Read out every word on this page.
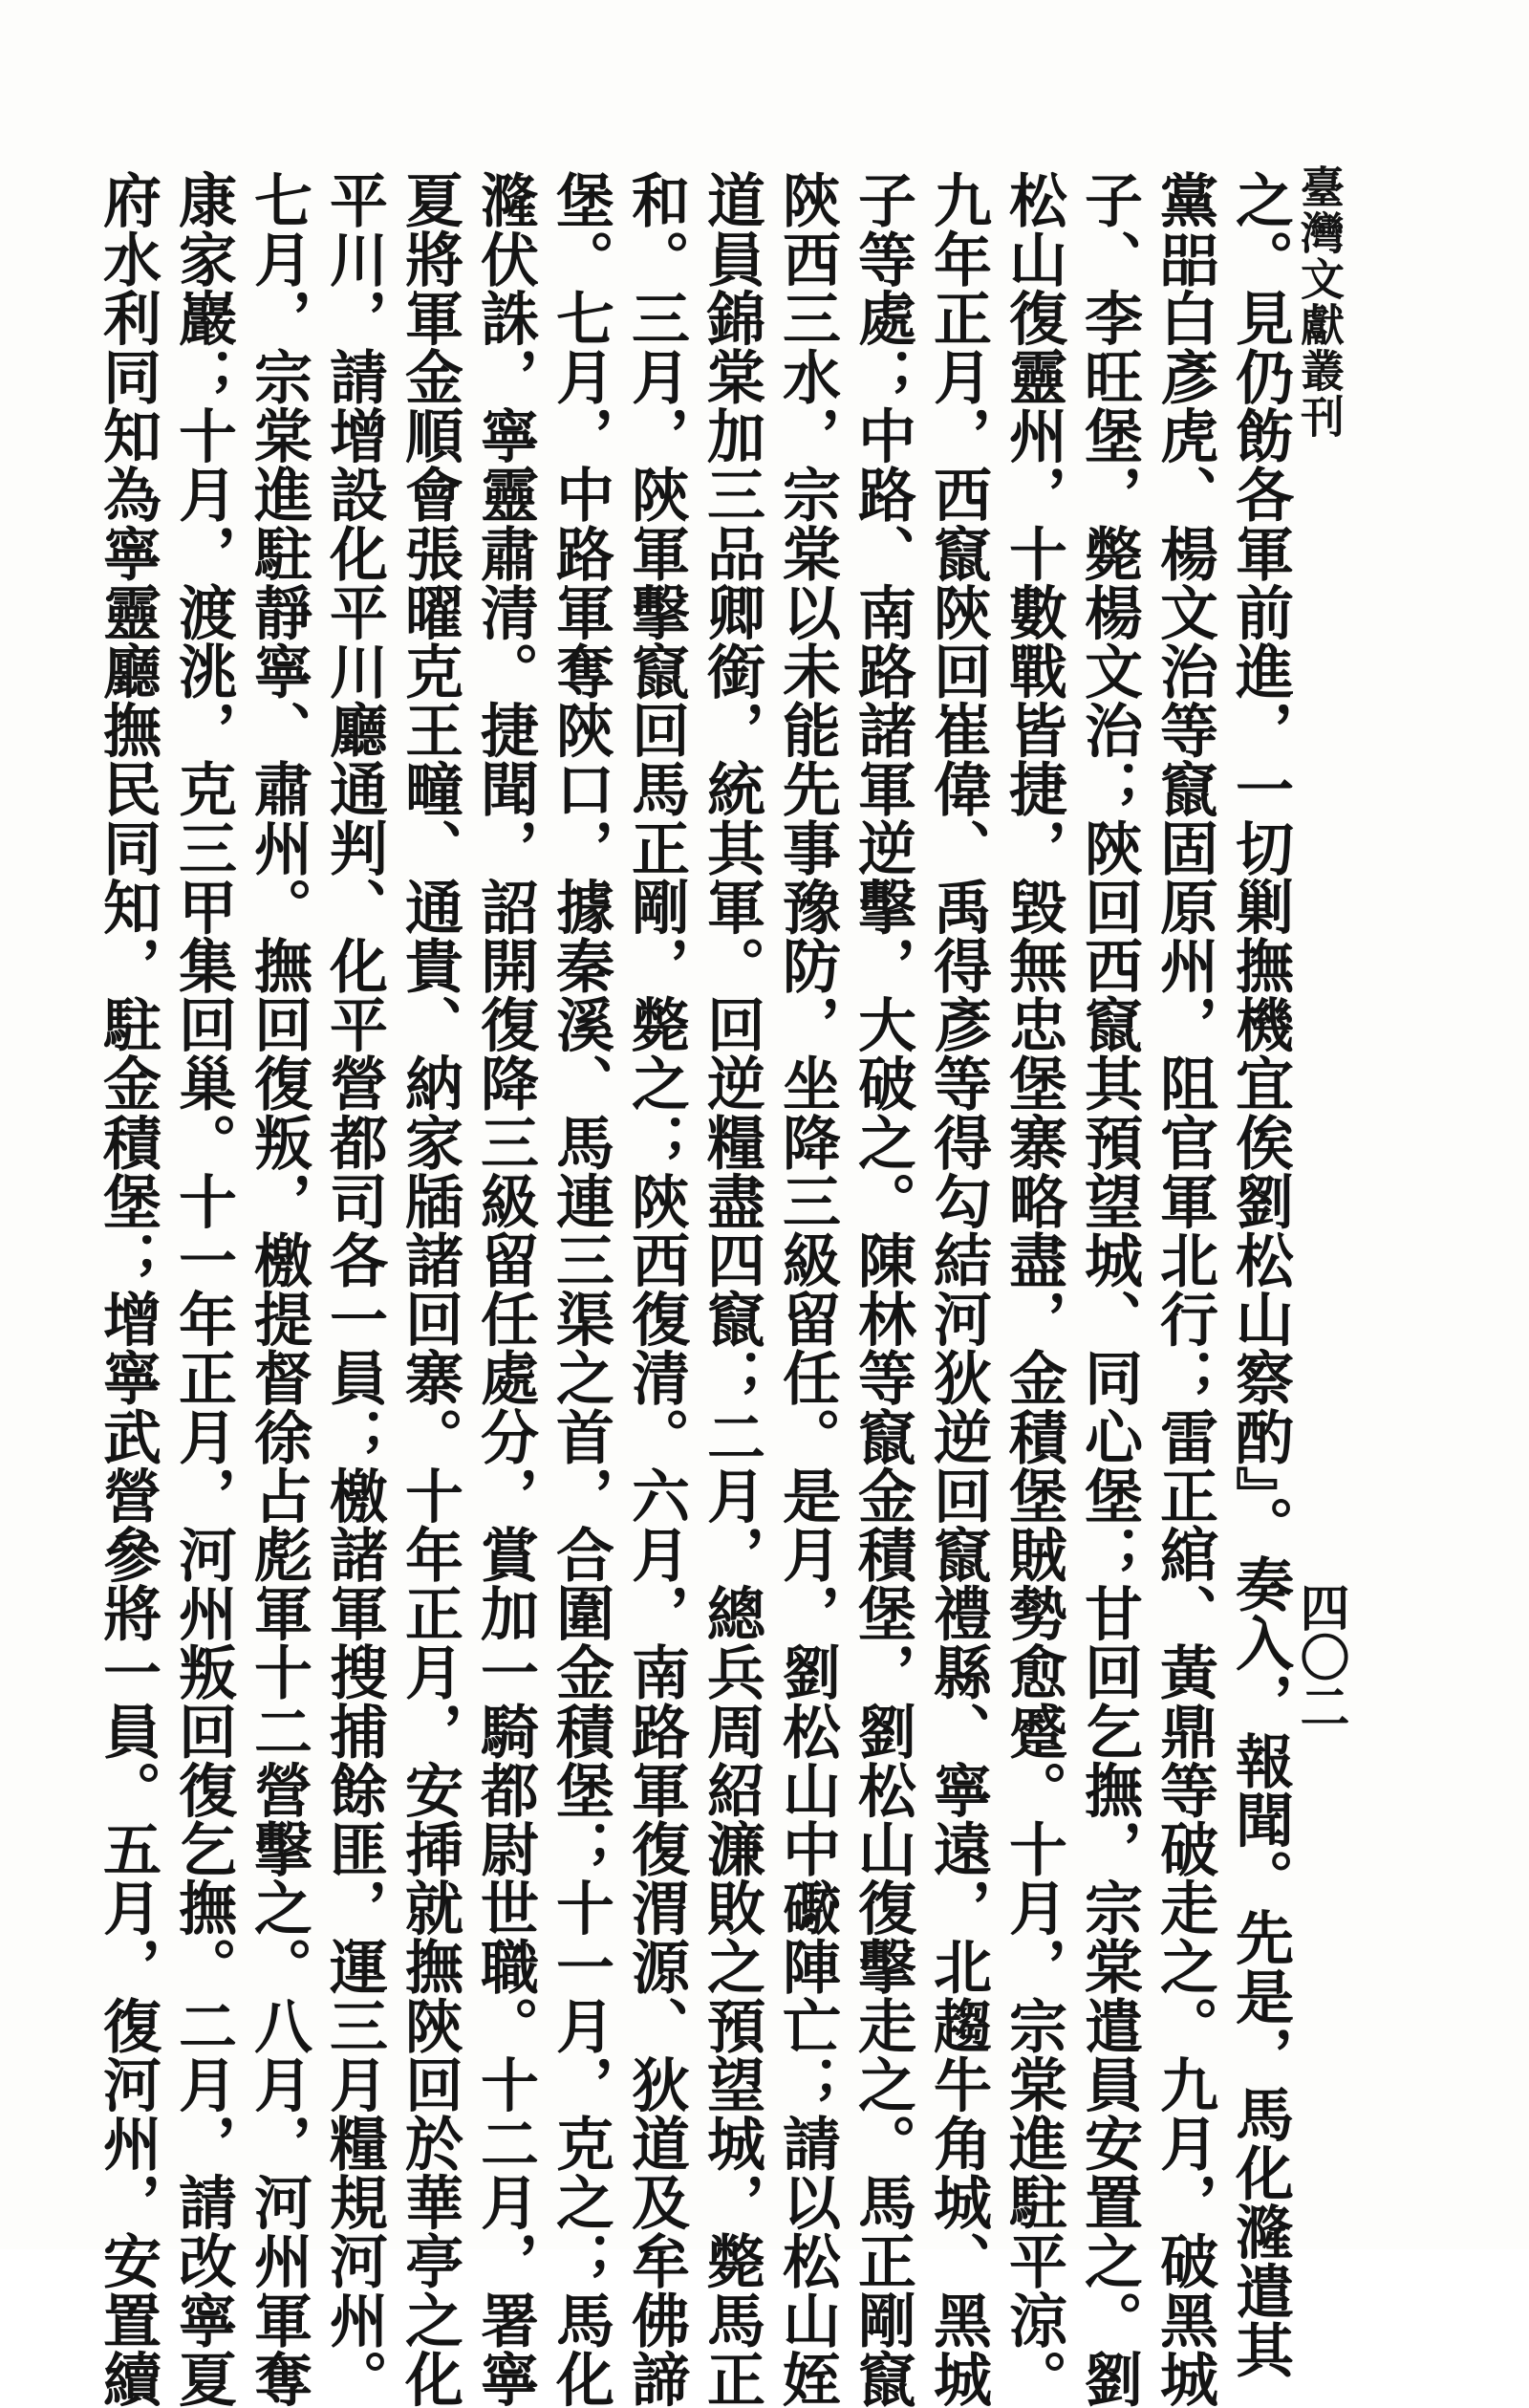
臺灣文獻叢刊
四〇二
之。見仍飭各軍前進，一切剿撫機宜俟劉松山察酌』。奏入，報聞。先是，馬化漋遣其
黨㗊白彥虎、楊文治等竄固原州，阻官軍北行；雷正綰、黃鼎等破走之。九月，破黑城
子、李旺堡，斃楊文治；陝回西竄其預望城、同心堡；甘回乞撫，宗棠遣員安置之。劉
松山復靈州，十數戰皆捷，毀無忠堡寨略盡，金積堡賊勢愈蹙。十月，宗棠進駐平涼。
九年正月，西竄陝回崔偉、禹得彥等得勾結河狄逆回竄禮縣、寧遠，北趨牛角城、黑城
子等處；中路、南路諸軍逆擊，大破之。陳林等竄金積堡，劉松山復擊走之。馬正剛竄
陝西三水，宗棠以未能先事豫防，坐降三級留任。是月，劉松山中礮陣亡；請以松山姪
道員錦棠加三品卿銜，統其軍。回逆糧盡四竄；二月，總兵周紹濂敗之預望城，斃馬正
和。三月，陝軍擊竄回馬正剛，斃之；陝西復清。六月，南路軍復渭源、狄道及牟佛諦
堡。七月，中路軍奪陝口，據秦溪、馬連三渠之首，合圍金積堡；十一月，克之；馬化
漋伏誅，寧靈肅清。捷聞，詔開復降三級留任處分，賞加一騎都尉世職。十二月，署寧
夏將軍金順會張曜克王疃、通貴、納家牐諸回寨。十年正月，安揷就撫陝回於華亭之化
平川，請增設化平川廳通判、化平營都司各一員；檄諸軍搜捕餘匪，運三月糧規河州。
七月，宗棠進駐靜寧、肅州。撫回復叛，檄提督徐占彪軍十二營擊之。八月，河州軍奪
康家巖；十月，渡洮，克三甲集回巢。十一年正月，河州叛回復乞撫。二月，請改寧夏
府水利同知為寧靈廳撫民同知，駐金積堡；增寧武營參將一員。五月，復河州，安置續
